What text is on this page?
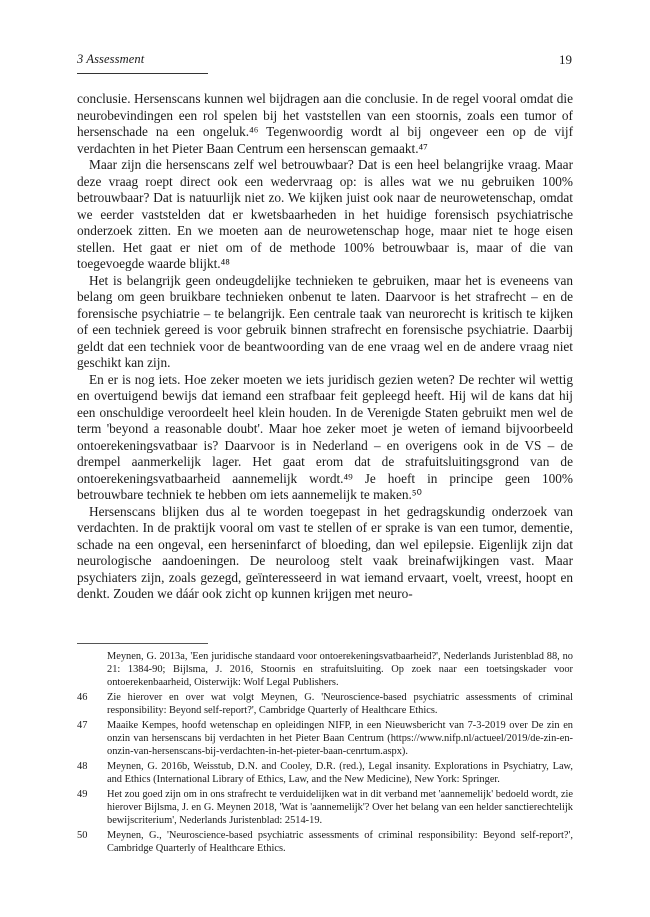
3 Assessment	19

conclusie. Hersenscans kunnen wel bijdragen aan die conclusie. In de regel vooral omdat die neurobevindingen een rol spelen bij het vaststellen van een stoornis, zoals een tumor of hersenschade na een ongeluk.⁴⁶ Tegenwoordig wordt al bij ongeveer een op de vijf verdachten in het Pieter Baan Centrum een hersenscan gemaakt.⁴⁷

Maar zijn die hersenscans zelf wel betrouwbaar? Dat is een heel belangrijke vraag. Maar deze vraag roept direct ook een wedervraag op: is alles wat we nu gebruiken 100% betrouwbaar? Dat is natuurlijk niet zo. We kijken juist ook naar de neurowetenschap, omdat we eerder vaststelden dat er kwetsbaarheden in het huidige forensisch psychiatrische onderzoek zitten. En we moeten aan de neurowetenschap hoge, maar niet te hoge eisen stellen. Het gaat er niet om of de methode 100% betrouwbaar is, maar of die van toegevoegde waarde blijkt.⁴⁸

Het is belangrijk geen ondeugdelijke technieken te gebruiken, maar het is eveneens van belang om geen bruikbare technieken onbenut te laten. Daarvoor is het strafrecht – en de forensische psychiatrie – te belangrijk. Een centrale taak van neurorecht is kritisch te kijken of een techniek gereed is voor gebruik binnen strafrecht en forensische psychiatrie. Daarbij geldt dat een techniek voor de beantwoording van de ene vraag wel en de andere vraag niet geschikt kan zijn.

En er is nog iets. Hoe zeker moeten we iets juridisch gezien weten? De rechter wil wettig en overtuigend bewijs dat iemand een strafbaar feit gepleegd heeft. Hij wil de kans dat hij een onschuldige veroordeelt heel klein houden. In de Verenigde Staten gebruikt men wel de term 'beyond a reasonable doubt'. Maar hoe zeker moet je weten of iemand bijvoorbeeld ontoerekeningsvatbaar is? Daarvoor is in Nederland – en overigens ook in de VS – de drempel aanmerkelijk lager. Het gaat erom dat de strafuitsluitingsgrond van de ontoerekeningsvatbaarheid aannemelijk wordt.⁴⁹ Je hoeft in principe geen 100% betrouwbare techniek te hebben om iets aannemelijk te maken.⁵⁰

Hersenscans blijken dus al te worden toegepast in het gedragskundig onderzoek van verdachten. In de praktijk vooral om vast te stellen of er sprake is van een tumor, dementie, schade na een ongeval, een herseninfarct of bloeding, dan wel epilepsie. Eigenlijk zijn dat neurologische aandoeningen. De neuroloog stelt vaak breinafwijkingen vast. Maar psychiaters zijn, zoals gezegd, geïnteresseerd in wat iemand ervaart, voelt, vreest, hoopt en denkt. Zouden we dáár ook zicht op kunnen krijgen met neuro-

Meynen, G. 2013a, 'Een juridische standaard voor ontoerekeningsvatbaarheid?', Nederlands Juristenblad 88, no 21: 1384-90; Bijlsma, J. 2016, Stoornis en strafuitsluiting. Op zoek naar een toetsingskader voor ontoerekenbaarheid, Oisterwijk: Wolf Legal Publishers.
46	Zie hierover en over wat volgt Meynen, G. 'Neuroscience-based psychiatric assessments of criminal responsibility: Beyond self-report?', Cambridge Quarterly of Healthcare Ethics.
47	Maaike Kempes, hoofd wetenschap en opleidingen NIFP, in een Nieuwsbericht van 7-3-2019 over De zin en onzin van hersenscans bij verdachten in het Pieter Baan Centrum (https://www.nifp.nl/actueel/2019/de-zin-en-onzin-van-hersenscans-bij-verdachten-in-het-pieter-baan-cenrtum.aspx).
48	Meynen, G. 2016b, Weisstub, D.N. and Cooley, D.R. (red.), Legal insanity. Explorations in Psychiatry, Law, and Ethics (International Library of Ethics, Law, and the New Medicine), New York: Springer.
49	Het zou goed zijn om in ons strafrecht te verduidelijken wat in dit verband met 'aannemelijk' bedoeld wordt, zie hierover Bijlsma, J. en G. Meynen 2018, 'Wat is 'aannemelijk'? Over het belang van een helder sanctierechtelijk bewijscriterium', Nederlands Juristenblad: 2514-19.
50	Meynen, G., 'Neuroscience-based psychiatric assessments of criminal responsibility: Beyond self-report?', Cambridge Quarterly of Healthcare Ethics.
